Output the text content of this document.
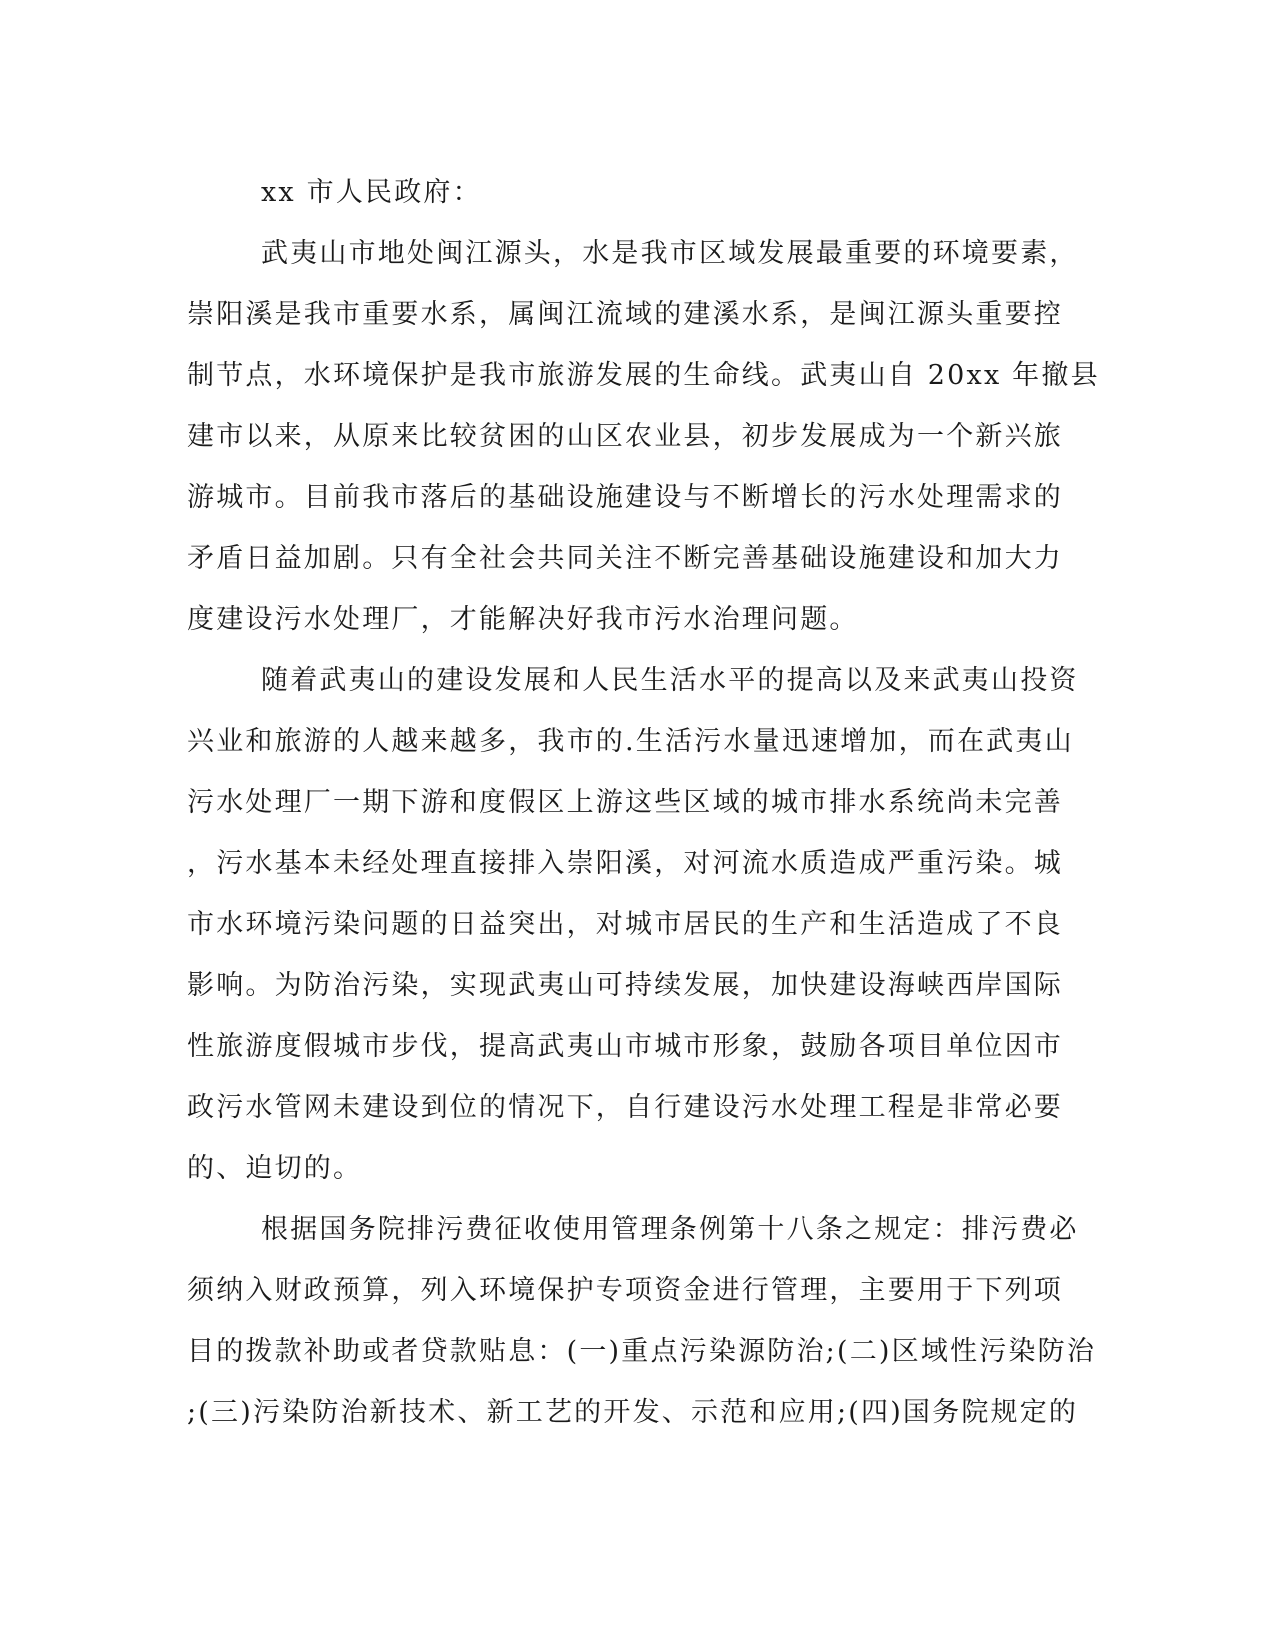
xx 市人民政府：
武夷山市地处闽江源头，水是我市区域发展最重要的环境要素，
崇阳溪是我市重要水系，属闽江流域的建溪水系，是闽江源头重要控
制节点，水环境保护是我市旅游发展的生命线。武夷山自 20xx 年撤县
建市以来，从原来比较贫困的山区农业县，初步发展成为一个新兴旅
游城市。目前我市落后的基础设施建设与不断增长的污水处理需求的
矛盾日益加剧。只有全社会共同关注不断完善基础设施建设和加大力
度建设污水处理厂，才能解决好我市污水治理问题。
随着武夷山的建设发展和人民生活水平的提高以及来武夷山投资
兴业和旅游的人越来越多，我市的.生活污水量迅速增加，而在武夷山
污水处理厂一期下游和度假区上游这些区域的城市排水系统尚未完善
，污水基本未经处理直接排入崇阳溪，对河流水质造成严重污染。城
市水环境污染问题的日益突出，对城市居民的生产和生活造成了不良
影响。为防治污染，实现武夷山可持续发展，加快建设海峡西岸国际
性旅游度假城市步伐，提高武夷山市城市形象，鼓励各项目单位因市
政污水管网未建设到位的情况下，自行建设污水处理工程是非常必要
的、迫切的。
根据国务院排污费征收使用管理条例第十八条之规定：排污费必
须纳入财政预算，列入环境保护专项资金进行管理，主要用于下列项
目的拨款补助或者贷款贴息：(一)重点污染源防治;(二)区域性污染防治
;(三)污染防治新技术、新工艺的开发、示范和应用;(四)国务院规定的
